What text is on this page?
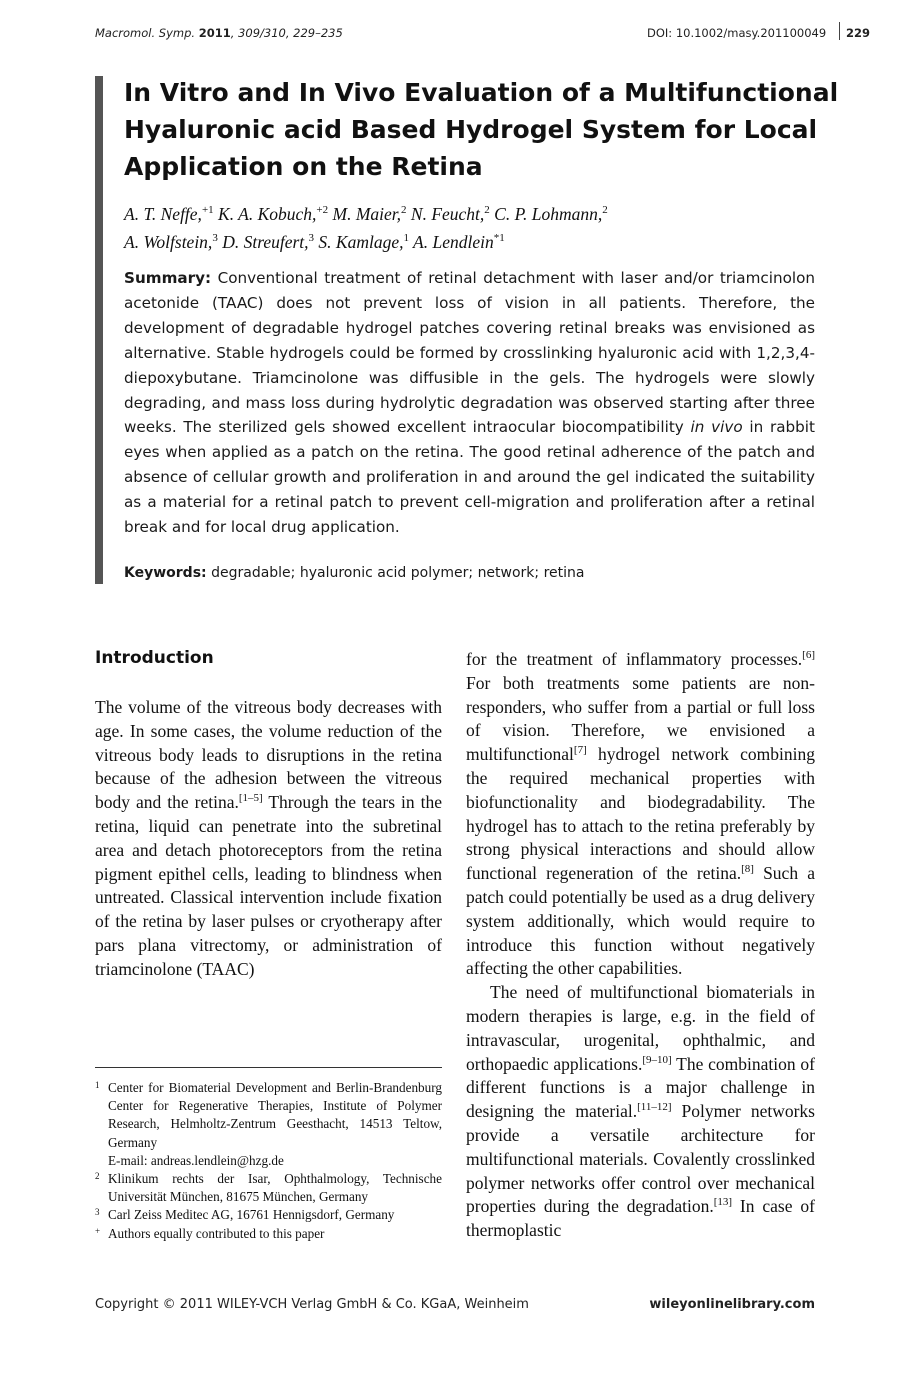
Macromol. Symp. 2011, 309/310, 229–235	DOI: 10.1002/masy.201100049 229
In Vitro and In Vivo Evaluation of a Multifunctional Hyaluronic acid Based Hydrogel System for Local Application on the Retina
A. T. Neffe,$^{+1}$ K. A. Kobuch,$^{+2}$ M. Maier,$^2$ N. Feucht,$^2$ C. P. Lohmann,$^2$
A. Wolfstein,$^3$ D. Streufert,$^3$ S. Kamlage,$^1$ A. Lendlein$^{*1}$
Summary: Conventional treatment of retinal detachment with laser and/or triamcinolon acetonide (TAAC) does not prevent loss of vision in all patients. Therefore, the development of degradable hydrogel patches covering retinal breaks was envisioned as alternative. Stable hydrogels could be formed by crosslinking hyaluronic acid with 1,2,3,4-diepoxybutane. Triamcinolone was diffusible in the gels. The hydrogels were slowly degrading, and mass loss during hydrolytic degradation was observed starting after three weeks. The sterilized gels showed excellent intraocular biocompatibility in vivo in rabbit eyes when applied as a patch on the retina. The good retinal adherence of the patch and absence of cellular growth and proliferation in and around the gel indicated the suitability as a material for a retinal patch to prevent cell-migration and proliferation after a retinal break and for local drug application.
Keywords: degradable; hyaluronic acid polymer; network; retina
Introduction

The volume of the vitreous body decreases with age. In some cases, the volume reduction of the vitreous body leads to disruptions in the retina because of the adhesion between the vitreous body and the retina.[1–5] Through the tears in the retina, liquid can penetrate into the subretinal area and detach photoreceptors from the retina pigment epithel cells, leading to blindness when untreated. Classical intervention include fixation of the retina by laser pulses or cryotherapy after pars plana vitrectomy, or administration of triamcinolone (TAAC)

for the treatment of inflammatory processes.[6] For both treatments some patients are non-responders, who suffer from a partial or full loss of vision. Therefore, we envisioned a multifunctional[7] hydrogel network combining the required mechanical properties with biofunctionality and biodegradability. The hydrogel has to attach to the retina preferably by strong physical interactions and should allow functional regeneration of the retina.[8] Such a patch could potentially be used as a drug delivery system additionally, which would require to introduce this function without negatively affecting the other capabilities.

The need of multifunctional biomaterials in modern therapies is large, e.g. in the field of intravascular, urogenital, ophthalmic, and orthopaedic applications.[9–10] The combination of different functions is a major challenge in designing the material.[11–12] Polymer networks provide a versatile architecture for multifunctional materials. Covalently crosslinked polymer networks offer control over mechanical properties during the degradation.[13] In case of thermoplastic

1 Center for Biomaterial Development and Berlin-Brandenburg Center for Regenerative Therapies, Institute of Polymer Research, Helmholtz-Zentrum Geesthacht, 14513 Teltow, Germany
E-mail: andreas.lendlein@hzg.de
2 Klinikum rechts der Isar, Ophthalmology, Technische Universität München, 81675 München, Germany
3 Carl Zeiss Meditec AG, 16761 Hennigsdorf, Germany
+ Authors equally contributed to this paper
Copyright © 2011 WILEY-VCH Verlag GmbH & Co. KGaA, Weinheim	wileyonlinelibrary.com
